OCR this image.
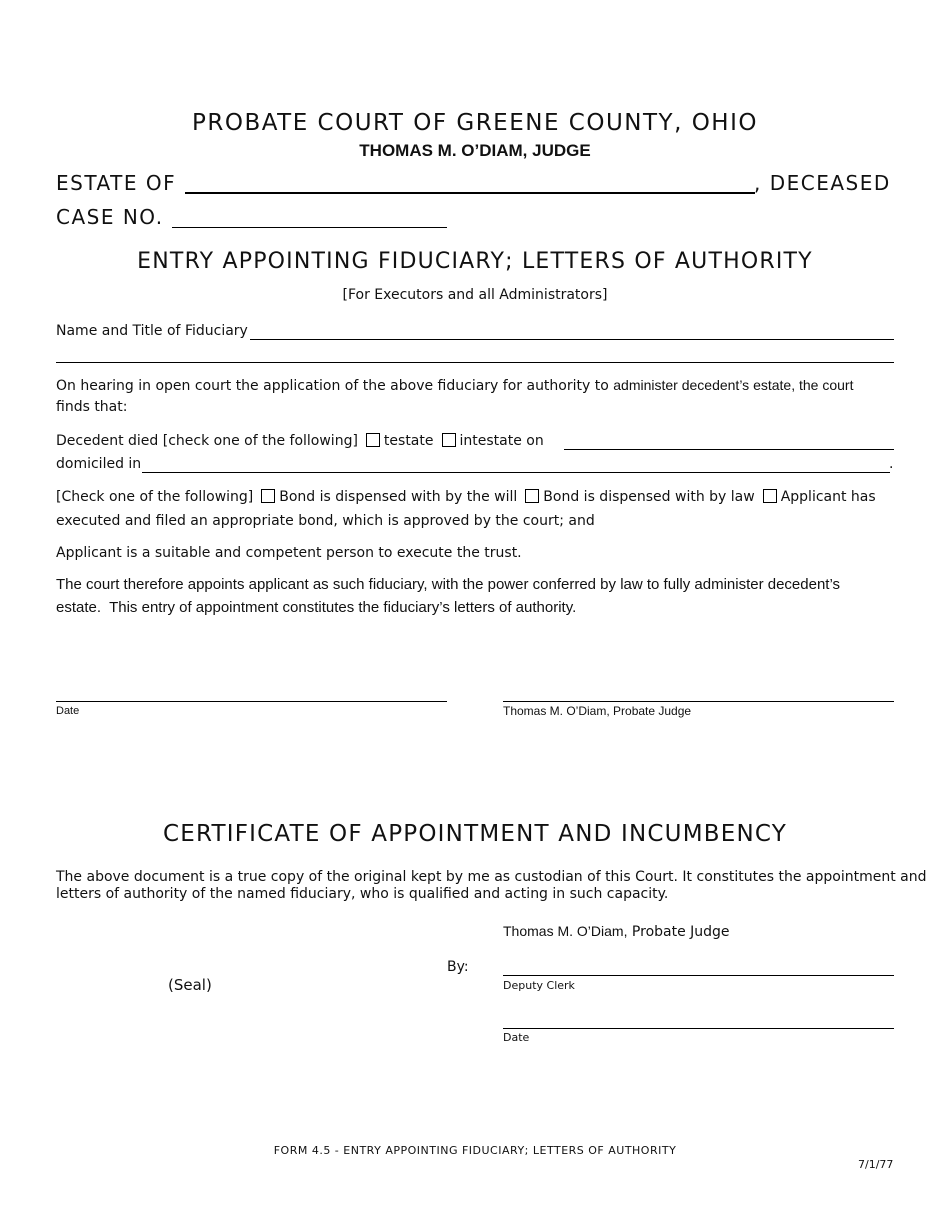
PROBATE COURT OF GREENE COUNTY, OHIO
THOMAS M. O’DIAM, JUDGE
ESTATE OF	, DECEASED
CASE NO.
ENTRY APPOINTING FIDUCIARY; LETTERS OF AUTHORITY
[For Executors and all Administrators]
Name and Title of Fiduciary
On hearing in open court the application of the above fiduciary for authority to administer decedent’s estate, the court
finds that:
Decedent died [check one of the following] testate intestate on
domiciled in	.
[Check one of the following] Bond is dispensed with by the will Bond is dispensed with by law Applicant has
executed and filed an appropriate bond, which is approved by the court; and
Applicant is a suitable and competent person to execute the trust.
The court therefore appoints applicant as such fiduciary, with the power conferred by law to fully administer decedent’s
estate.  This entry of appointment constitutes the fiduciary’s letters of authority.
Date	Thomas M. O’Diam, Probate Judge
CERTIFICATE OF APPOINTMENT AND INCUMBENCY
The above document is a true copy of the original kept by me as custodian of this Court. It constitutes the appointment and
letters of authority of the named fiduciary, who is qualified and acting in such capacity.
Thomas M. O’Diam, Probate Judge
By:
Deputy Clerk
(Seal)
Date
FORM 4.5 - ENTRY APPOINTING FIDUCIARY; LETTERS OF AUTHORITY
7/1/77
